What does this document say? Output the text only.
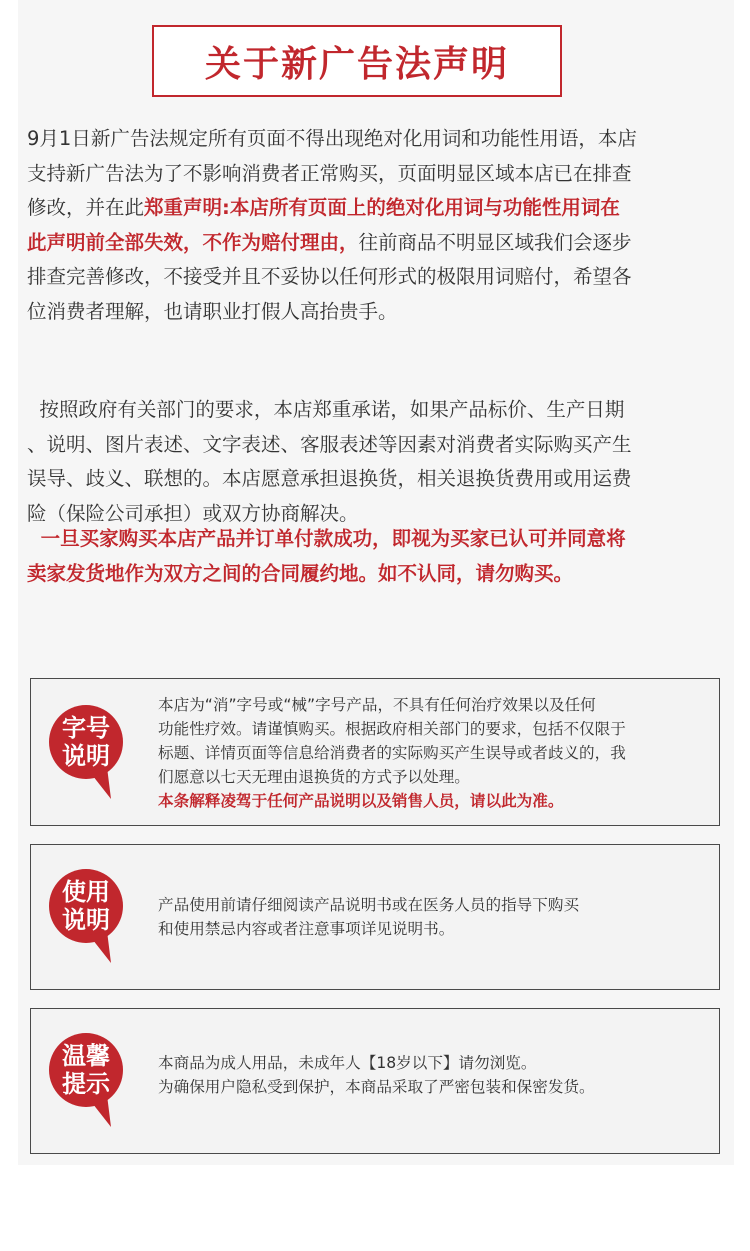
关于新广告法声明
9月1日新广告法规定所有页面不得出现绝对化用词和功能性用语，本店
支持新广告法为了不影响消费者正常购买，页面明显区域本店已在排查
修改，并在此郑重声明:本店所有页面上的绝对化用词与功能性用词在
此声明前全部失效，不作为赔付理由，往前商品不明显区域我们会逐步
排查完善修改，不接受并且不妥协以任何形式的极限用词赔付，希望各
位消费者理解，也请职业打假人高抬贵手。
按照政府有关部门的要求，本店郑重承诺，如果产品标价、生产日期
、说明、图片表述、文字表述、客服表述等因素对消费者实际购买产生
误导、歧义、联想的。本店愿意承担退换货，相关退换货费用或用运费
险（保险公司承担）或双方协商解决。
一旦买家购买本店产品并订单付款成功，即视为买家已认可并同意将
卖家发货地作为双方之间的合同履约地。如不认同，请勿购买。
字号
说明
本店为“消”字号或“械”字号产品，不具有任何治疗效果以及任何
功能性疗效。请谨慎购买。根据政府相关部门的要求，包括不仅限于
标题、详情页面等信息给消费者的实际购买产生误导或者歧义的，我
们愿意以七天无理由退换货的方式予以处理。
本条解释凌驾于任何产品说明以及销售人员，请以此为准。
使用
说明
产品使用前请仔细阅读产品说明书或在医务人员的指导下购买
和使用禁忌内容或者注意事项详见说明书。
温馨
提示
本商品为成人用品，未成年人【18岁以下】请勿浏览。
为确保用户隐私受到保护，本商品采取了严密包装和保密发货。
